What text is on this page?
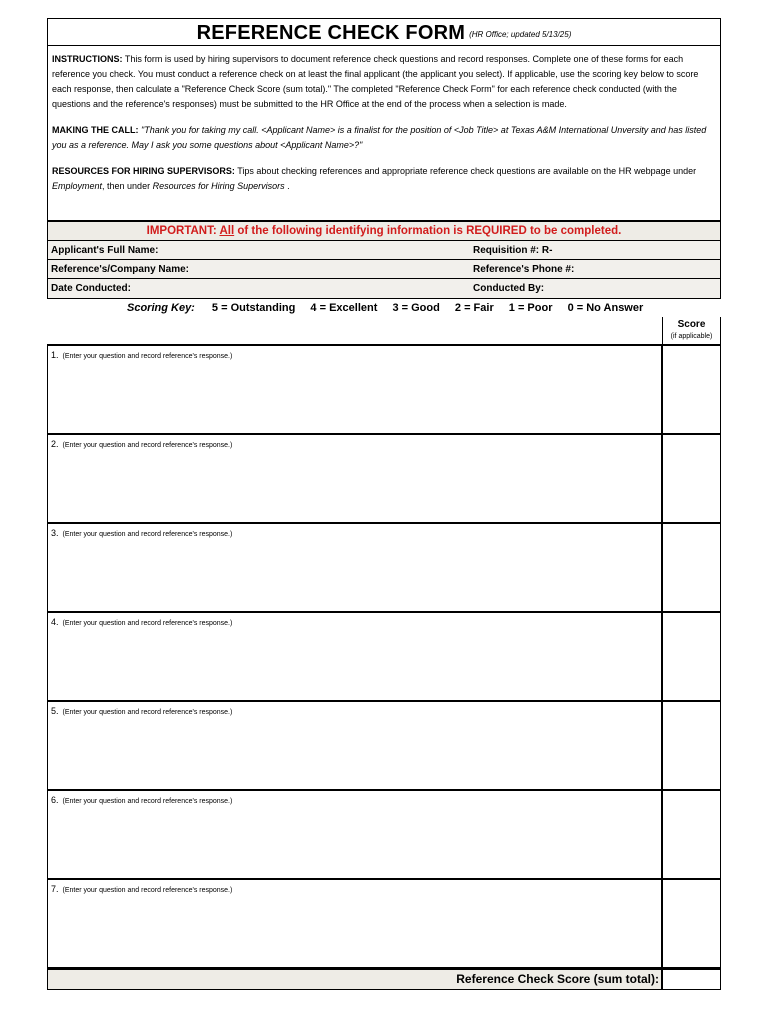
REFERENCE CHECK FORM (HR Office; updated 5/13/25)

INSTRUCTIONS: This form is used by hiring supervisors to document reference check questions and record responses. Complete one of these forms for each reference you check. You must conduct a reference check on at least the final applicant (the applicant you select). If applicable, use the scoring key below to score each response, then calculate a "Reference Check Score (sum total)." The completed "Reference Check Form" for each reference check conducted (with the questions and the reference's responses) must be submitted to the HR Office at the end of the process when a selection is made.

MAKING THE CALL: "Thank you for taking my call. <Applicant Name> is a finalist for the position of <Job Title> at Texas A&M International Unversity and has listed you as a reference. May I ask you some questions about <Applicant Name>?"

RESOURCES FOR HIRING SUPERVISORS: Tips about checking references and appropriate reference check questions are available on the HR webpage under Employment, then under Resources for Hiring Supervisors .

IMPORTANT: All of the following identifying information is REQUIRED to be completed.
Applicant's Full Name:	Requisition #: R-
Reference's/Company Name:	Reference's Phone #:
Date Conducted:	Conducted By:
Scoring Key: 5 = Outstanding 4 = Excellent 3 = Good 2 = Fair 1 = Poor 0 = No Answer
Score
(if applicable)
1. (Enter your question and record reference's response.)
2. (Enter your question and record reference's response.)
3. (Enter your question and record reference's response.)
4. (Enter your question and record reference's response.)
5. (Enter your question and record reference's response.)
6. (Enter your question and record reference's response.)
7. (Enter your question and record reference's response.)
Reference Check Score (sum total):
